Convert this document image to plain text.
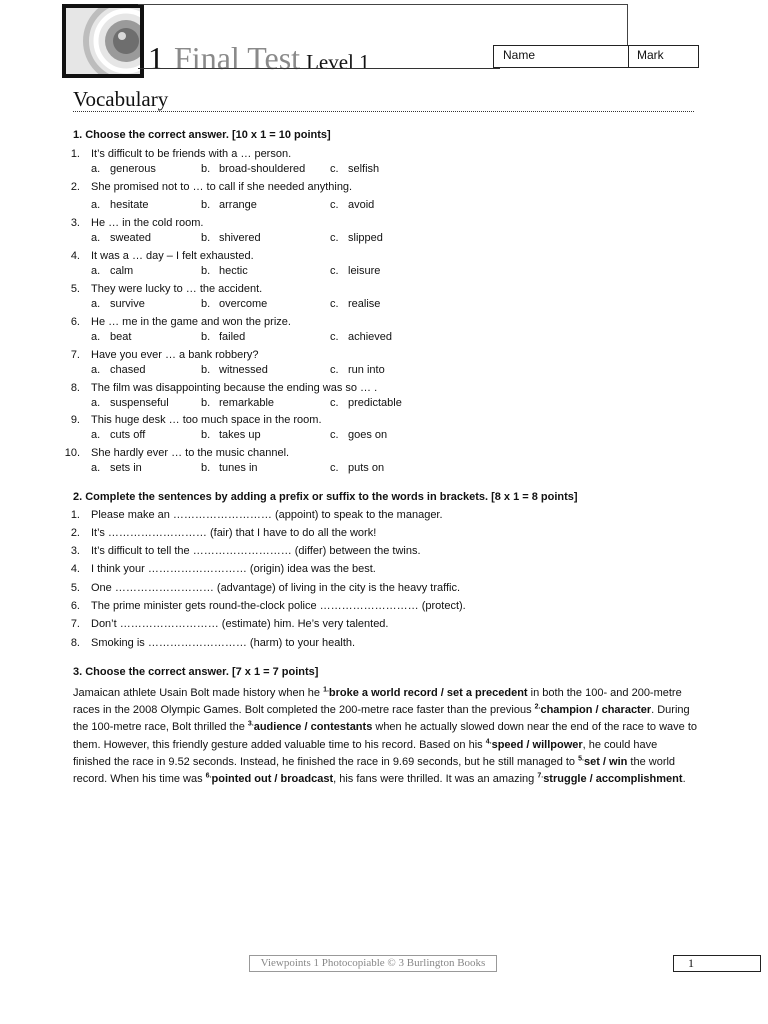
1 Final Test Level 1	Name	Mark
Vocabulary
1. Choose the correct answer. [10 x 1 = 10 points]
1. It’s difficult to be friends with a … person.
a. generous	b. broad-shouldered c. selfish
2. She promised not to … to call if she needed anything.
a. hesitate	b. arrange	c. avoid
3. He … in the cold room.
a. sweated	b. shivered	c. slipped
4. It was a … day – I felt exhausted.
a. calm	b. hectic	c. leisure
5. They were lucky to … the accident.
a. survive	b. overcome	c. realise
6. He … me in the game and won the prize.
a. beat	b. failed	c. achieved
7. Have you ever … a bank robbery?
a. chased	b. witnessed	c. run into
8. The film was disappointing because the ending was so … .
a. suspenseful	b. remarkable	c. predictable
9. This huge desk … too much space in the room.
a. cuts off	b. takes up	c. goes on
10. She hardly ever … to the music channel.
a. sets in	b. tunes in	c. puts on
2. Complete the sentences by adding a prefix or suffix to the words in brackets. [8 x 1 = 8 points]
1. Please make an ……………………… (appoint) to speak to the manager.
2. It’s ……………………… (fair) that I have to do all the work!
3. It’s difficult to tell the ……………………… (differ) between the twins.
4. I think your ……………………… (origin) idea was the best.
5. One ……………………… (advantage) of living in the city is the heavy traffic.
6. The prime minister gets round-the-clock police ……………………… (protect).
7. Don’t ……………………… (estimate) him. He’s very talented.
8. Smoking is ……………………… (harm) to your health.
3. Choose the correct answer. [7 x 1 = 7 points]
Jamaican athlete Usain Bolt made history when he $^{1.}$broke a world record / set a precedent in both the 100- and 200-metre races in the 2008 Olympic Games. Bolt completed the 200-metre race faster than the previous $^{2.}$champion / character. During the 100-metre race, Bolt thrilled the $^{3.}$audience / contestants when he actually slowed down near the end of the race to wave to them. However, this friendly gesture added valuable time to his record. Based on his $^{4.}$speed / willpower, he could have finished the race in 9.52 seconds. Instead, he finished the race in 9.69 seconds, but he still managed to $^{5.}$set / win the world record. When his time was $^{6.}$pointed out / broadcast, his fans were thrilled. It was an amazing $^{7.}$struggle / accomplishment.
Viewpoints 1 Photocopiable © 3 Burlington Books	1
